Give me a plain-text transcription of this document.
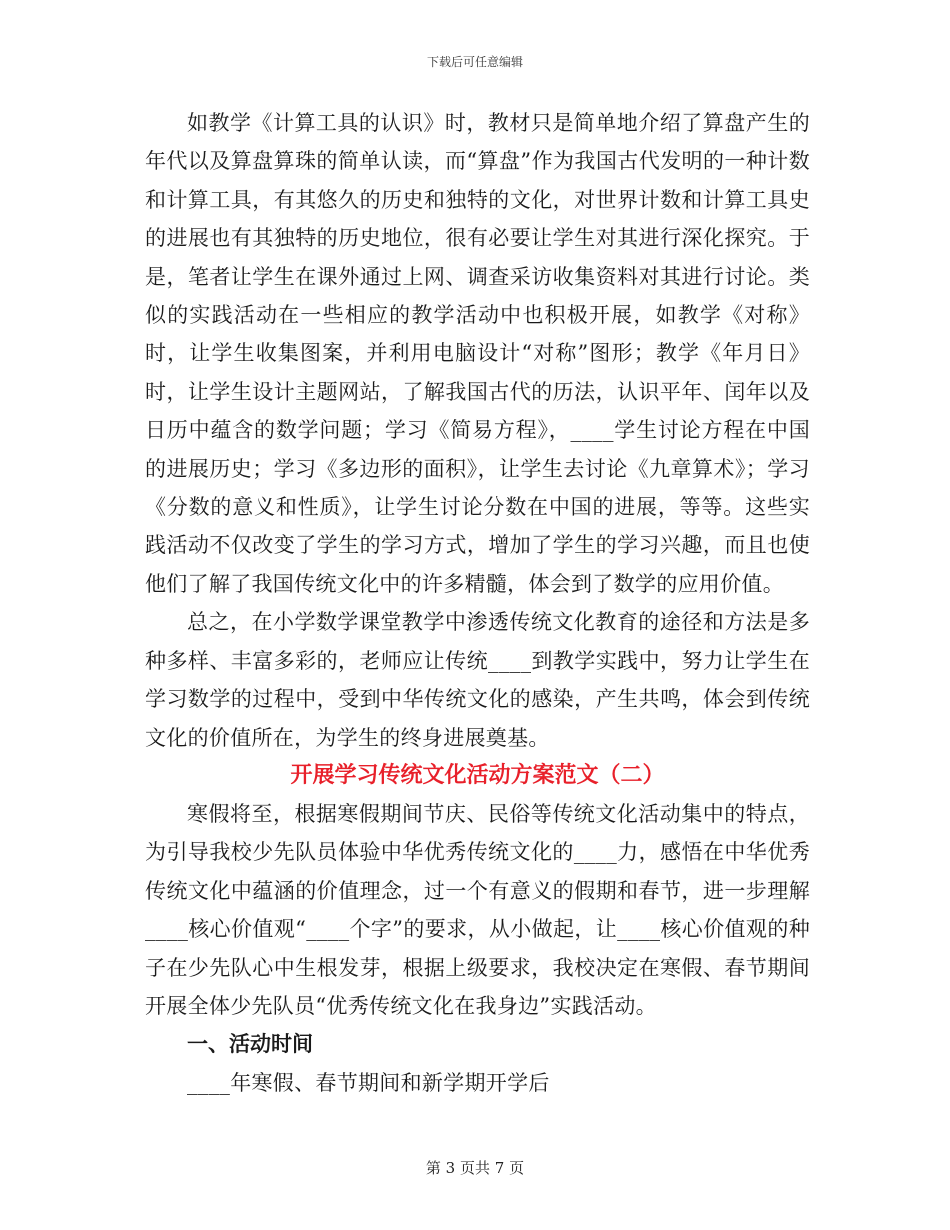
下载后可任意编辑

如教学《计算工具的认识》时，教材只是简单地介绍了算盘产生的年代以及算盘算珠的简单认读，而“算盘”作为我国古代发明的一种计数和计算工具，有其悠久的历史和独特的文化，对世界计数和计算工具史的进展也有其独特的历史地位，很有必要让学生对其进行深化探究。于是，笔者让学生在课外通过上网、调查采访收集资料对其进行讨论。类似的实践活动在一些相应的教学活动中也积极开展，如教学《对称》时，让学生收集图案，并利用电脑设计“对称”图形；教学《年月日》时，让学生设计主题网站，了解我国古代的历法，认识平年、闰年以及日历中蕴含的数学问题；学习《简易方程》，____学生讨论方程在中国的进展历史；学习《多边形的面积》，让学生去讨论《九章算术》；学习《分数的意义和性质》，让学生讨论分数在中国的进展，等等。这些实践活动不仅改变了学生的学习方式，增加了学生的学习兴趣，而且也使他们了解了我国传统文化中的许多精髓，体会到了数学的应用价值。

总之，在小学数学课堂教学中渗透传统文化教育的途径和方法是多种多样、丰富多彩的，老师应让传统____到教学实践中，努力让学生在学习数学的过程中，受到中华传统文化的感染，产生共鸣，体会到传统文化的价值所在，为学生的终身进展奠基。

开展学习传统文化活动方案范文（二）

寒假将至，根据寒假期间节庆、民俗等传统文化活动集中的特点，为引导我校少先队员体验中华优秀传统文化的____力，感悟在中华优秀传统文化中蕴涵的价值理念，过一个有意义的假期和春节，进一步理解____核心价值观“____个字”的要求，从小做起，让____核心价值观的种子在少先队心中生根发芽，根据上级要求，我校决定在寒假、春节期间开展全体少先队员“优秀传统文化在我身边”实践活动。

一、活动时间

____年寒假、春节期间和新学期开学后

第 3 页共 7 页
